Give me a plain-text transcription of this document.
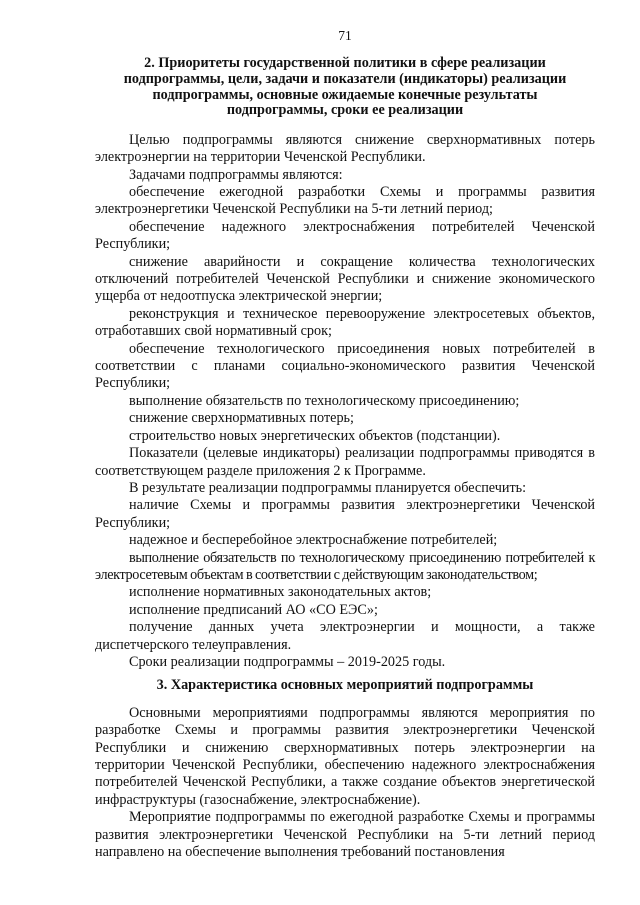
71
2. Приоритеты государственной политики в сфере реализации
подпрограммы, цели, задачи и показатели (индикаторы) реализации
подпрограммы, основные ожидаемые конечные результаты
подпрограммы, сроки ее реализации

Целью подпрограммы являются снижение сверхнормативных потерь электроэнергии на территории Чеченской Республики.

Задачами подпрограммы являются:

обеспечение ежегодной разработки Схемы и программы развития электроэнергетики Чеченской Республики на 5-ти летний период;

обеспечение надежного электроснабжения потребителей Чеченской Республики;

снижение аварийности и сокращение количества технологических отключений потребителей Чеченской Республики и снижение экономического ущерба от недоотпуска электрической энергии;

реконструкция и техническое перевооружение электросетевых объектов, отработавших свой нормативный срок;

обеспечение технологического присоединения новых потребителей в соответствии с планами социально-экономического развития Чеченской Республики;

выполнение обязательств по технологическому присоединению;

снижение сверхнормативных потерь;

строительство новых энергетических объектов (подстанции).

Показатели (целевые индикаторы) реализации подпрограммы приводятся в соответствующем разделе приложения 2 к Программе.

В результате реализации подпрограммы планируется обеспечить:

наличие Схемы и программы развития электроэнергетики Чеченской Республики;

надежное и бесперебойное электроснабжение потребителей;

выполнение обязательств по технологическому присоединению потребителей к электросетевым объектам в соответствии с действующим законодательством;

исполнение нормативных законодательных актов;

исполнение предписаний АО «СО ЕЭС»;

получение данных учета электроэнергии и мощности, а также диспетчерского телеуправления.

Сроки реализации подпрограммы – 2019-2025 годы.

3. Характеристика основных мероприятий подпрограммы

Основными мероприятиями подпрограммы являются мероприятия по разработке Схемы и программы развития электроэнергетики Чеченской Республики и снижению сверхнормативных потерь электроэнергии на территории Чеченской Республики, обеспечению надежного электроснабжения потребителей Чеченской Республики, а также создание объектов энергетической инфраструктуры (газоснабжение, электроснабжение).

Мероприятие подпрограммы по ежегодной разработке Схемы и программы развития электроэнергетики Чеченской Республики на 5-ти летний период направлено на обеспечение выполнения требований постановления
